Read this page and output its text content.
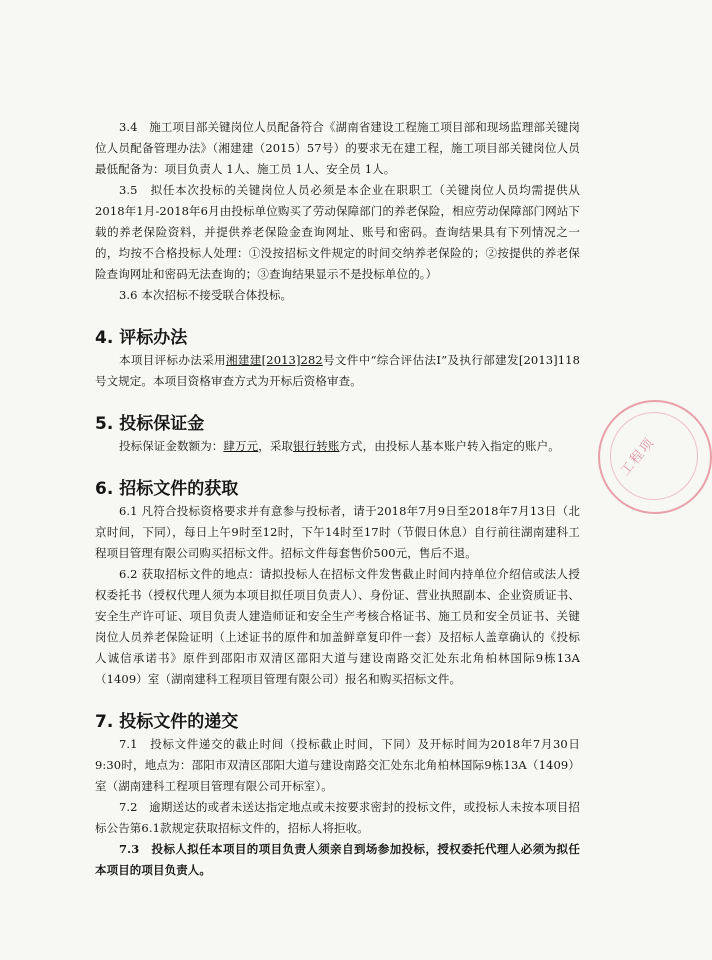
3.4　施工项目部关键岗位人员配备符合《湖南省建设工程施工项目部和现场监理部关键岗位人员配备管理办法》（湘建建（2015）57号）的要求无在建工程，施工项目部关键岗位人员最低配备为：项目负责人 1人、施工员 1人、安全员 1人。

3.5　拟任本次投标的关键岗位人员必须是本企业在职职工（关键岗位人员均需提供从2018年1月-2018年6月由投标单位购买了劳动保障部门的养老保险，相应劳动保障部门网站下载的养老保险资料，并提供养老保险金查询网址、账号和密码。查询结果具有下列情况之一的，均按不合格投标人处理：①没按招标文件规定的时间交纳养老保险的；②按提供的养老保险查询网址和密码无法查询的；③查询结果显示不是投标单位的。）

3.6 本次招标不接受联合体投标。

4. 评标办法

本项目评标办法采用湘建建[2013]282号文件中“综合评估法Ⅰ”及执行部建发[2013]118号文规定。本项目资格审查方式为开标后资格审查。

5. 投标保证金

投标保证金数额为：肆万元，采取银行转账方式，由投标人基本账户转入指定的账户。

6. 招标文件的获取

6.1 凡符合投标资格要求并有意参与投标者，请于2018年7月9日至2018年7月13日（北京时间，下同），每日上午9时至12时，下午14时至17时（节假日休息）自行前往湖南建科工程项目管理有限公司购买招标文件。招标文件每套售价500元，售后不退。

6.2 获取招标文件的地点：请拟投标人在招标文件发售截止时间内持单位介绍信或法人授权委托书（授权代理人须为本项目拟任项目负责人）、身份证、营业执照副本、企业资质证书、安全生产许可证、项目负责人建造师证和安全生产考核合格证书、施工员和安全员证书、关键岗位人员养老保险证明（上述证书的原件和加盖鲜章复印件一套）及招标人盖章确认的《投标人诚信承诺书》原件到邵阳市双清区邵阳大道与建设南路交汇处东北角柏林国际9栋13A（1409）室（湖南建科工程项目管理有限公司）报名和购买招标文件。

7. 投标文件的递交

7.1　投标文件递交的截止时间（投标截止时间，下同）及开标时间为2018年7月30日9:30时，地点为：邵阳市双清区邵阳大道与建设南路交汇处东北角柏林国际9栋13A（1409）室（湖南建科工程项目管理有限公司开标室）。

7.2　逾期送达的或者未送达指定地点或未按要求密封的投标文件，或投标人未按本项目招标公告第6.1款规定获取招标文件的，招标人将拒收。

7.3　投标人拟任本项目的项目负责人须亲自到场参加投标，授权委托代理人必须为拟任本项目的项目负责人。

工程项
